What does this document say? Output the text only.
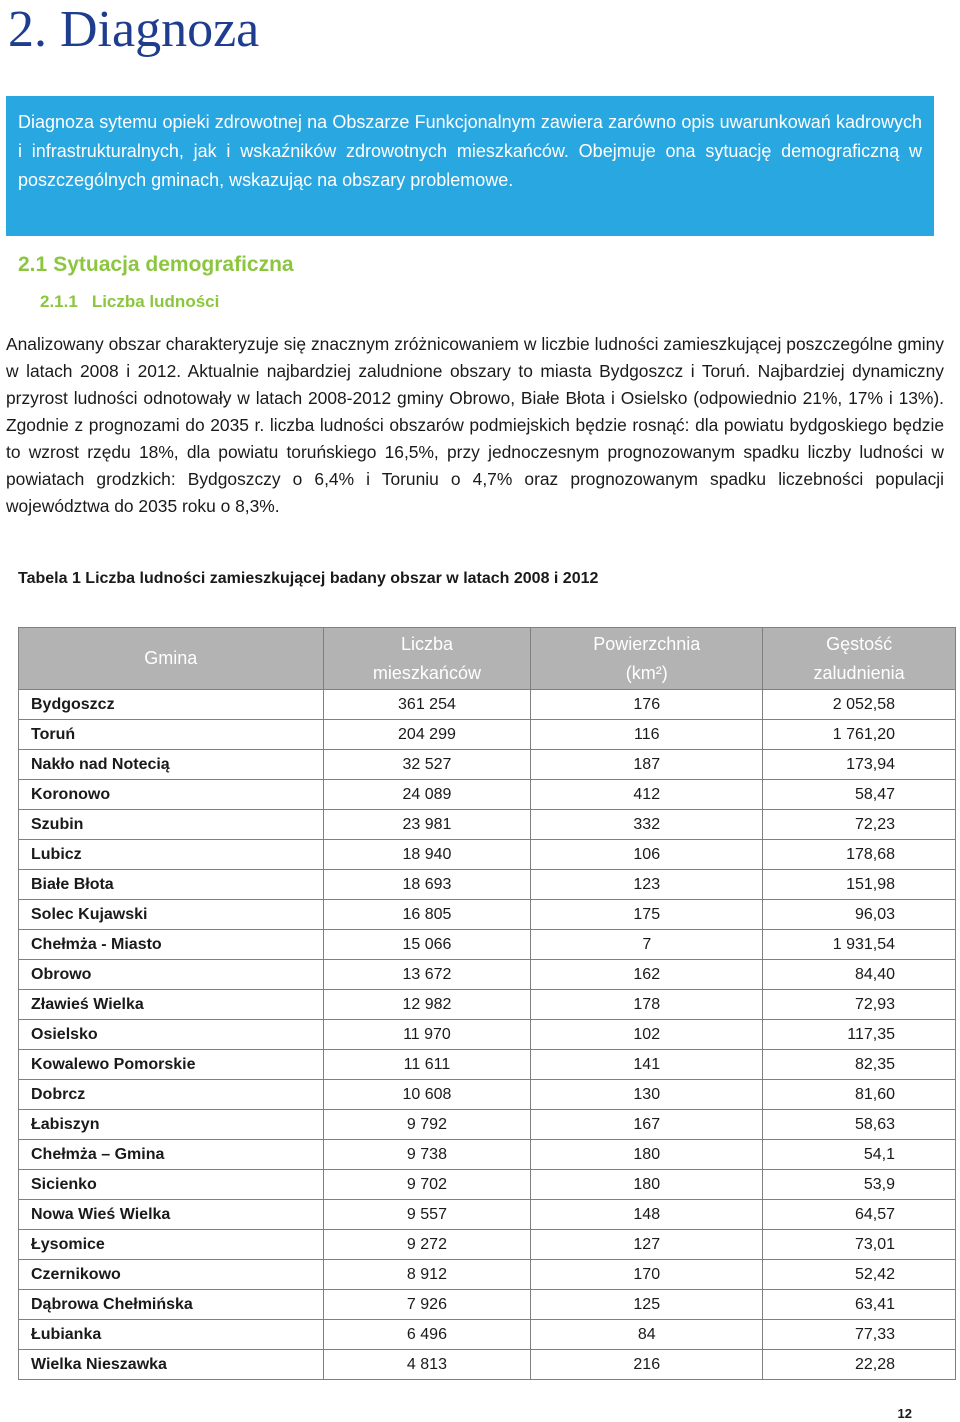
2. Diagnoza

Diagnoza sytemu opieki zdrowotnej na Obszarze Funkcjonalnym zawiera zarówno opis uwarunkowań kadrowych i infrastrukturalnych, jak i wskaźników zdrowotnych mieszkańców. Obejmuje ona sytuację demograficzną w poszczególnych gminach, wskazując na obszary problemowe.

2.1 Sytuacja demograficzna
2.1.1 Liczba ludności

Analizowany obszar charakteryzuje się znacznym zróżnicowaniem w liczbie ludności zamieszkującej poszczególne gminy w latach 2008 i 2012. Aktualnie najbardziej zaludnione obszary to miasta Bydgoszcz i Toruń. Najbardziej dynamiczny przyrost ludności odnotowały w latach 2008-2012 gminy Obrowo, Białe Błota i Osielsko (odpowiednio 21%, 17% i 13%). Zgodnie z prognozami do 2035 r. liczba ludności obszarów podmiejskich będzie rosnąć: dla powiatu bydgoskiego będzie to wzrost rzędu 18%, dla powiatu toruńskiego 16,5%, przy jednoczesnym prognozowanym spadku liczby ludności w powiatach grodzkich: Bydgoszczy o 6,4% i Toruniu o 4,7% oraz prognozowanym spadku liczebności populacji województwa do 2035 roku o 8,3%.

Tabela 1 Liczba ludności zamieszkującej badany obszar w latach 2008 i 2012

Gmina	Liczba mieszkańców	Powierzchnia (km²)	Gęstość zaludnienia

Bydgoszcz	361 254	176	2 052,58
Toruń	204 299	116	1 761,20
Nakło nad Notecią	32 527	187	173,94
Koronowo	24 089	412	58,47
Szubin	23 981	332	72,23
Lubicz	18 940	106	178,68
Białe Błota	18 693	123	151,98
Solec Kujawski	16 805	175	96,03
Chełmża - Miasto	15 066	7	1 931,54
Obrowo	13 672	162	84,40
Zławieś Wielka	12 982	178	72,93
Osielsko	11 970	102	117,35
Kowalewo Pomorskie	11 611	141	82,35
Dobrcz	10 608	130	81,60
Łabiszyn	9 792	167	58,63
Chełmża – Gmina	9 738	180	54,1
Sicienko	9 702	180	53,9
Nowa Wieś Wielka	9 557	148	64,57
Łysomice	9 272	127	73,01
Czernikowo	8 912	170	52,42
Dąbrowa Chełmińska	7 926	125	63,41
Łubianka	6 496	84	77,33
Wielka Nieszawka	4 813	216	22,28
12
